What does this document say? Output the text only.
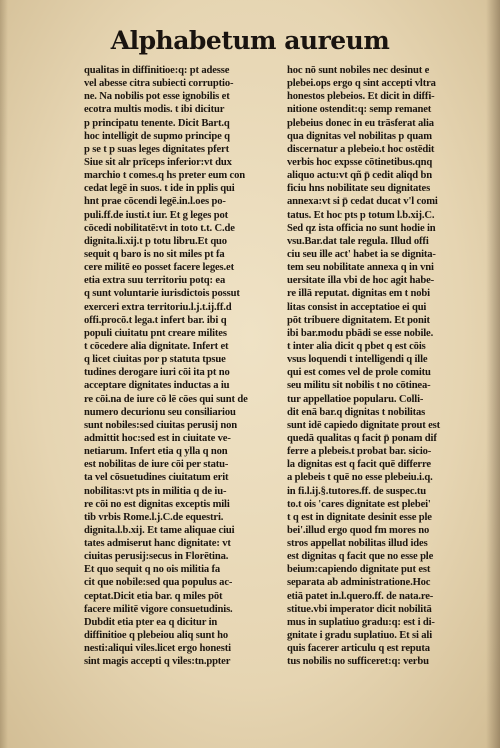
Alphabetum aureum
qualitas in diffinitioe:q: pt adesse
vel abesse citra subiecti corruptio-
ne. Na nobilis pot esse ignobilis et
ecotra multis modis. t ibi dicitur
p principatu tenente. Dicit Bart.q
hoc intelligit de supmo principe q
p se t p suas leges dignitates pfert
Siue sit alr prīceps inferior:vt dux
marchio t comes.q hs preter eum con
cedat legē in suos. t ide in pplis qui
hnt prae cōcendi legē.in.l.oes po-
puli.ff.de iusti.t iur. Et g leges pot
cōcedi nobilitatē:vt in toto t.t. C.de
dignita.li.xij.t p totu libru.Et quo
sequit q baro is no sit miles pt fa
cere militē eo posset facere leges.et
etia extra suu territoriu potq: ea
q sunt voluntarie iurisdictois possut
exerceri extra territoriu.l.j.t.ij.ff.d
offi.procō.t lega.t infert bar. ibi q
populi ciuitatu pnt creare milites
t cōcedere alia dignitate. Infert et
q licet ciuitas por p statuta tpsue
tudines derogare iuri cōi ita pt no
acceptare dignitates inductas a iu
re cōi.na de iure cō lē cōes qui sunt de
numero decurionu seu consiliariou
sunt nobiles:sed ciuitas perusij non
admittit hoc:sed est in ciuitate ve-
netiarum. Infert etia q ylla q non
est nobilitas de iure cōi per statu-
ta vel cōsuetudines ciuitatum erit
nobilitas:vt pts in militia q de iu-
re cōi no est dignitas exceptis mili
tib vrbis Rome.l.j.C.de equestri.
dignita.l.b.xij. Et tame aliquae ciui
tates admiserut hanc dignitate: vt
ciuitas perusij:secus in Florētina.
Et quo sequit q no ois militia fa
cit que nobile:sed qua populus ac-
ceptat.Dicit etia bar. q miles pōt
facere militē vigore consuetudinis.
Dubdit etia pter ea q dicitur in
diffinitioe q plebeiou aliq sunt ho
nesti:aliqui viles.licet ergo honesti
sint magis accepti q viles:tn.ppter
hoc nō sunt nobiles nec desinut e
plebei.ops ergo q sint accepti vltra
honestos plebeios. Et dicit in diffi-
nitione ostendit:q: semp remanet
plebeius donec in eu trāsferat alia
qua dignitas vel nobilitas p quam
discernatur a plebeio.t hoc ostēdit
verbis hoc expsse cōtinetibus.qnq
aliquo actu:vt qñ p̄ cedit aliqd bn
ficiu hns nobilitate seu dignitates
annexa:vt si p̄ cedat ducat v'l comi
tatus. Et hoc pts p totum l.b.xij.C.
Sed qz ista officia no sunt hodie in
vsu.Bar.dat tale regula. Illud offi
ciu seu ille act' habet ia se dignita-
tem seu nobilitate annexa q in vni
uersitate illa vbi de hoc agit habe-
re illā reputat. dignitas em t nobi
litas consist in acceptatioe ei qui
pōt tribuere dignitatem. Et ponit
ibi bar.modu pbādi se esse nobile.
t inter alia dicit q pbet q est cōis
vsus loquendi t intelligendi q ille
qui est comes vel de prole comitu
seu militu sit nobilis t no cōtinea-
tur appellatioe popularu. Colli-
dit enā bar.q dignitas t nobilitas
sunt idē capiedo dignitate prout est
quedā qualitas q facit p̄ ponam dif
ferre a plebeis.t probat bar. sicio-
la dignitas est q facit quē differre
a plebeis t quē no esse plebeiu.i.q.
in fi.l.ij.§.tutores.ff. de suspec.tu
to.t ois 'cares dignitate est plebei'
t q est in dignitate desinit esse ple
bei'.illud ergo quod fm mores no
stros appellat nobilitas illud ides
est dignitas q facit que no esse ple
beium:capiendo dignitate put est
separata ab administratione.Hoc
etiā patet in.l.quero.ff. de nata.re-
stitue.vbi imperator dicit nobilitā
mus in suplatiuo gradu:q: est i di-
gnitate i gradu suplatiuo. Et si ali
quis facerer articulu q est reputa
tus nobilis no sufficeret:q: verbu
